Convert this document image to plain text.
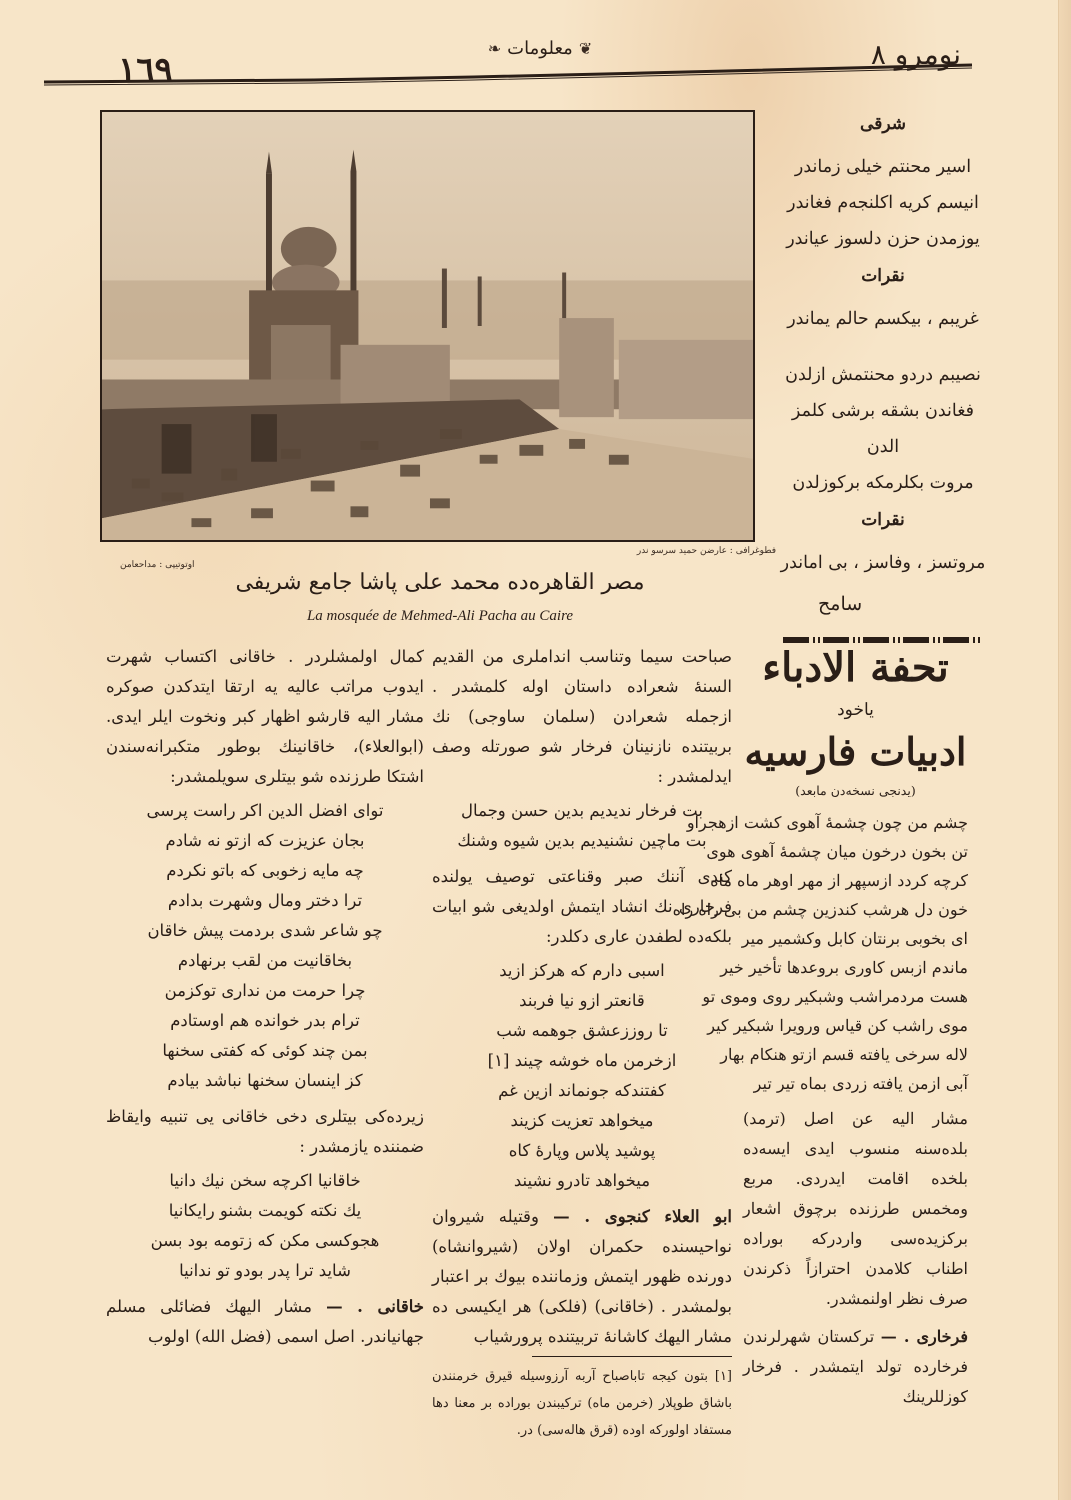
١٦٩
❦
معلومات
❧	نومرو ٨
فطوغرافی : عارضن حمید سرسو ندر
اوتوتیپی : مداحعامن
مصر القاهرەدە محمد علی پاشا جامع شریفی
La mosquée de Mehmed-Ali Pacha au Caire
شرقی
اسیر محنتم خیلی زماندر
انیسم کریه اکلنجەم فغاندر
یوزمدن حزن دلسوز عیاندر
نقرات
غریبم ، بیکسم حالم یماندر
نصیبم دردو محنتمش ازلدن
فغاندن بشقه برشی کلمز الدن
مروت بکلرمکه برکوزلدن
نقرات
مروتسز ، وفاسز ، بی اماندر
سامح
تحفة الادباء
یاخود
ادبیات فارسیه
(یدنجی نسخەدن مابعد)

چشم من چون چشمهٔ آهوی کشت ازهجراو

تن بخون درخون میان چشمهٔ آهوی هوی

کرچه کردد ازسپهر از مهر اوهر ماه ماه

خون دل هرشب کندزین چشم من بی راه راه

ای بخوبی برنتان کابل وکشمیر میر

ماندم ازبس کاوری بروعدها تأخیر خیر

هست مردمراشب وشبکیر روی وموی تو

موی راشب کن قیاس ورویرا شبکیر کیر

لاله سرخی یافته قسم ازتو هنکام بهار

آبی ازمن یافته زردی بماه تیر تیر

مشار الیه عن اصل (ترمد) بلدەسنه منسوب ایدی ایسەدە بلخده اقامت ایدردی. مربع ومخمس طرزنده برچوق اشعار برکزیدەسی واردرکه بوراده اطناب کلامدن احترازاً ذکرندن صرف نظر اولنمشدر.

فرخاری . — ترکستان شهرلرندن فرخارده تولد ایتمشدر . فرخار کوزللرینك

صباحت سیما وتناسب انداملری من القدیم السنهٔ شعراده داستان اوله کلمشدر . ازجمله شعرادن (سلمان ساوجی) نك بربیتنده نازنینان فرخار شو صورتله وصف ایدلمشدر :

بت فرخار ندیدیم بدین حسن وجمال

بت ماچین نشنیدیم بدین شیوه وشنك

کندی آننك صبر وقناعتی توصیف یولنده فرخاری نك انشاد ایتمش اولدیغی شو ابیات بلکەده لطفدن عاری دکلدر:

اسبی دارم که هرکز ازید

قانعتر ازو نیا فربند

تا روززعشق جوهمه شب

ازخرمن ماه خوشه چیند [١]

کفتندکه جونماند ازین غم

میخواهد تعزیت کزیند

پوشید پلاس وپارهٔ کاه

میخواهد تادرو نشیند

ابو العلاء کنجوی . — وقتیله شیروان نواحیسنده حکمران اولان (شیروانشاه) دورنده ظهور ایتمش وزماننده بیوك بر اعتبار بولمشدر . (خاقانی) (فلکی) هر ایکیسی ده مشار الیهك کاشانهٔ تربیتنده پرورشیاب

[١] بتون کیجه تاباصباح آربه آرزوسیله قیرق خرمنندن باشاق طوپلار (خرمن ماه) ترکیبندن بوراده بر معنا دها مستفاد اولورکه اوده (قرق هالەسی) در.

کمال اولمشلردر . خاقانی اکتساب شهرت ایدوب مراتب عالیه یه ارتقا ایتدکدن صوکره مشار الیه قارشو اظهار کبر ونخوت ایلر ایدی. (ابوالعلاء)، خاقانینك بوطور متکبرانه‌سندن اشتکا طرزنده شو بیتلری سویلمشدر:

توای افضل الدین اکر راست پرسی

بجان عزیزت که ازتو نه شادم

چه مایه زخوبی که باتو نکردم

ترا دختر ومال وشهرت بدادم

چو شاعر شدی بردمت پیش خاقان

بخاقانیت من لقب برنهادم

چرا حرمت من نداری توکزمن

ترام بدر خوانده هم اوستادم

بمن چند کوئی که کفتی سخنها

کز اینسان سخنها نباشد بیادم

زیردەکی بیتلری دخی خاقانی یی تنبیه وایقاظ ضمننده یازمشدر :

خاقانیا اکرچه سخن نیك دانیا

یك نکته کویمت بشنو رایکانیا

هجوکسی مکن که زتومه بود بسن

شاید ترا پدر بودو تو ندانیا

خاقانی . — مشار الیهك فضائلی مسلم جهانیاندر. اصل اسمی (فضل الله) اولوب
